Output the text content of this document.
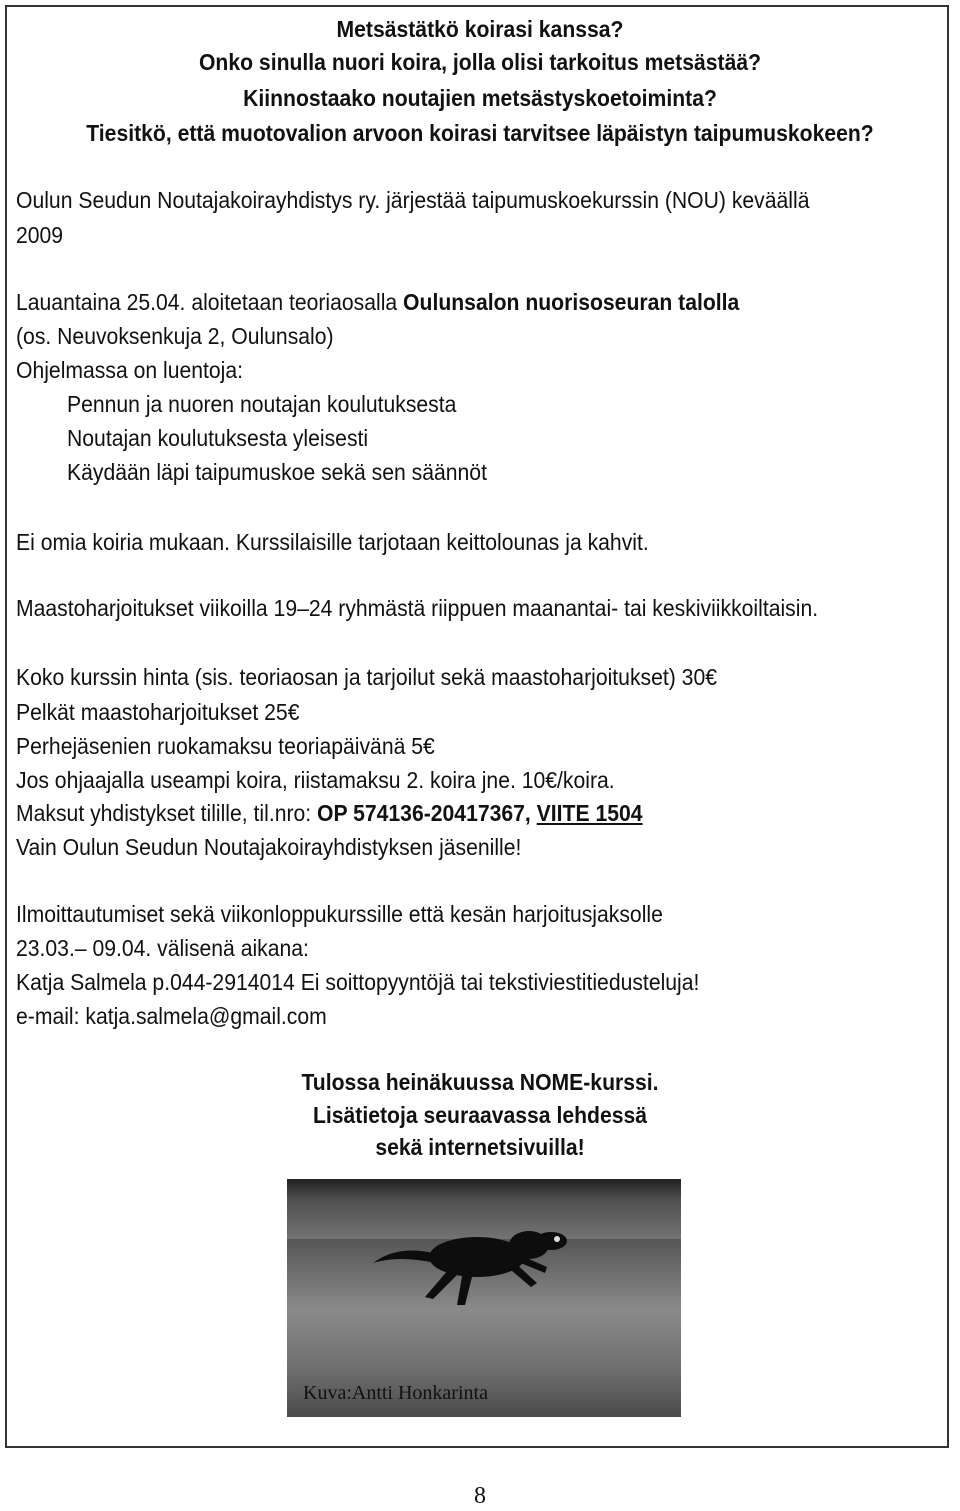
Metsästätkö koirasi kanssa?
Onko sinulla nuori koira, jolla olisi tarkoitus metsästää?
Kiinnostaako noutajien metsästyskoetoiminta?
Tiesitkö, että muotovalion arvoon koirasi tarvitsee läpäistyn taipumuskokeen?
Oulun Seudun Noutajakoirayhdistys ry. järjestää taipumuskoekurssin (NOU) keväällä
2009
Lauantaina 25.04. aloitetaan teoriaosalla Oulunsalon nuorisoseuran talolla
(os. Neuvoksenkuja 2, Oulunsalo)
Ohjelmassa on luentoja:
Pennun ja nuoren noutajan koulutuksesta
Noutajan koulutuksesta yleisesti
Käydään läpi taipumuskoe sekä sen säännöt
Ei omia koiria mukaan. Kurssilaisille tarjotaan keittolounas ja kahvit.
Maastoharjoitukset viikoilla 19–24 ryhmästä riippuen maanantai- tai keskiviikkoiltaisin.
Koko kurssin hinta (sis. teoriaosan ja tarjoilut sekä maastoharjoitukset) 30€
Pelkät maastoharjoitukset 25€
Perhejäsenien ruokamaksu teoriapäivänä 5€
Jos ohjaajalla useampi koira, riistamaksu 2. koira jne. 10€/koira.
Maksut yhdistykset tilille, til.nro: OP 574136-20417367, VIITE 1504
Vain Oulun Seudun Noutajakoirayhdistyksen jäsenille!
Ilmoittautumiset sekä viikonloppukurssille että kesän harjoitusjaksolle
23.03.– 09.04. välisenä aikana:
Katja Salmela p.044-2914014 Ei soittopyyntöjä tai tekstiviestitiedusteluja!
e-mail: katja.salmela@gmail.com
Tulossa heinäkuussa NOME-kurssi.
Lisätietoja seuraavassa lehdessä
sekä internetsivuilla!
Kuva:Antti Honkarinta
8
